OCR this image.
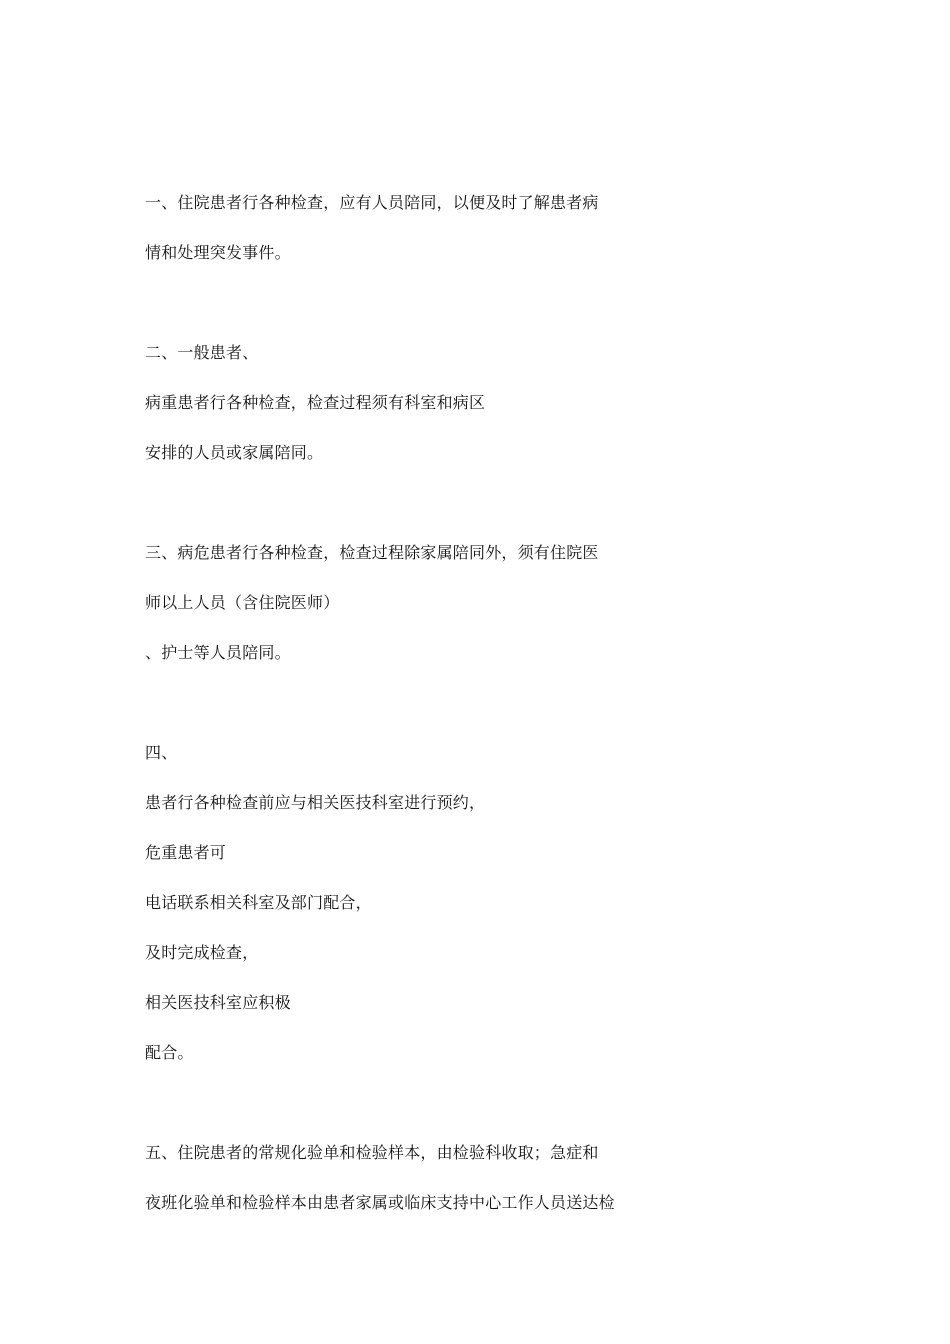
一、住院患者行各种检查，应有人员陪同，以便及时了解患者病
情和处理突发事件。
二、一般患者、
病重患者行各种检查，检查过程须有科室和病区
安排的人员或家属陪同。
三、病危患者行各种检查，检查过程除家属陪同外，须有住院医
师以上人员（含住院医师）
、护士等人员陪同。
四、
患者行各种检查前应与相关医技科室进行预约，
危重患者可
电话联系相关科室及部门配合，
及时完成检查，
相关医技科室应积极
配合。
五、住院患者的常规化验单和检验样本，由检验科收取；急症和
夜班化验单和检验样本由患者家属或临床支持中心工作人员送达检
